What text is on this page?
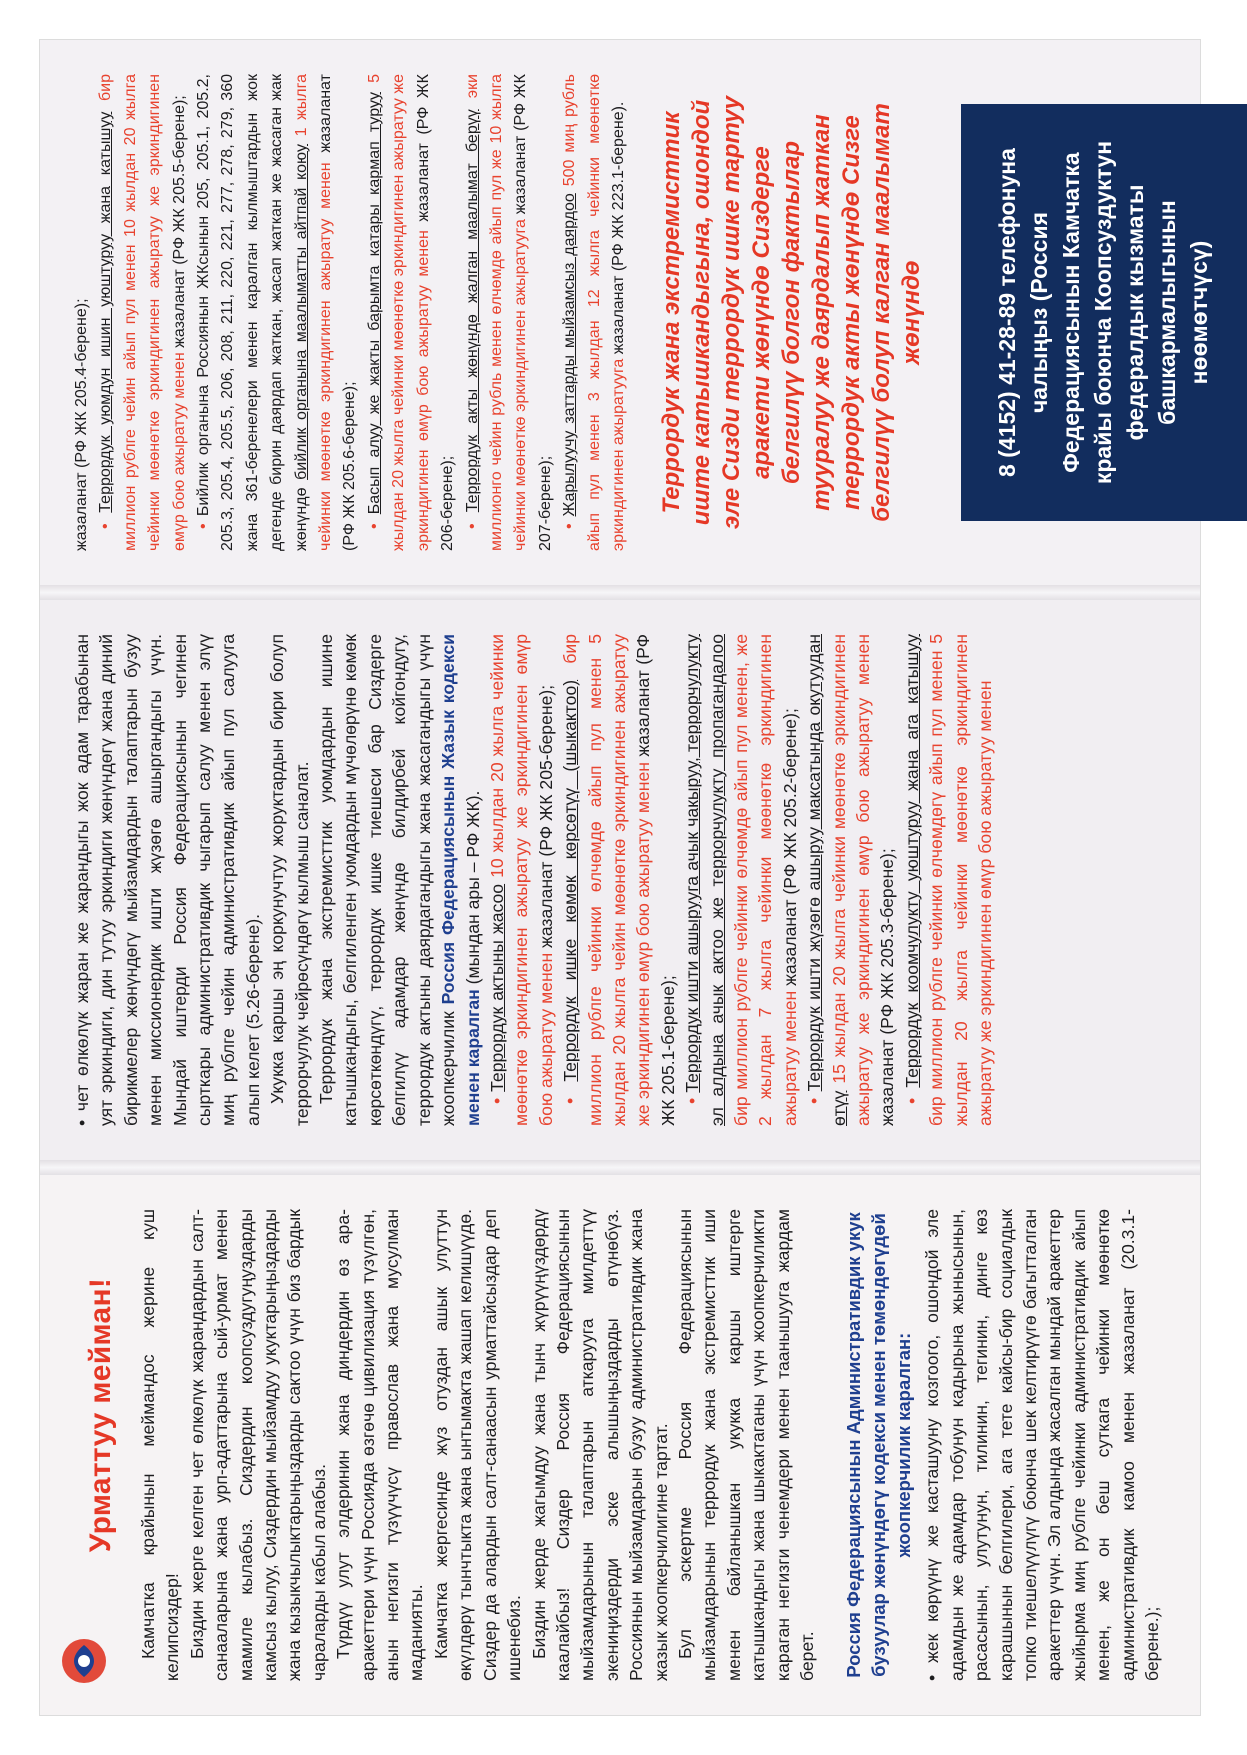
Урматтуу мейман! Камчатка крайынын меймандос жерине куш келипсиздер! Биздин жерге келген чет өлкөлүк жарандардын салт-санааларына жана урп-адаттарына сый-урмат менен мамиле кылабыз. Сиздердин коопсуздугуңуздарды камсыз кылуу, Сиздердин мыйзамдуу укуктарыңыздарды жана кызыкчылыктарыңыздарды сактоо үчүн биз бардык чараларды кабыл алабыз. Түрдүү улут элдеринин жана диндердин өз ара-аракеттери үчүн Россияда өзгөчө цивилизация түзүлгөн, анын негизги түзүүчүсү православ жана мусулман маданияты. Камчатка жергесинде жүз отуздан ашык улуттун өкүлдөрү тынчтыкта жана ынтымакта жашап келишүүдө. Сиздер да алардын салт-санаасын урматтайсыздар деп ишенебиз. Биздин жерде жагымдуу жана тынч жүрүүңүздөрдү каалайбыз! Сиздер Россия Федерациясынын мыйзамдарынын талаптарын аткарууга милдеттүү экениңиздерди эске алышыңыздарды өтүнөбүз. Россиянын мыйзамдарын бузуу административдик жана жазык жоопкерчилигине тартат. Бул эскертме Россия Федерациясынын мыйзамдарынын террордук жана экстремисттик иши менен байланышкан укукка каршы иштерге катышкандыгы жана шыкактаганы үчүн жоопкерчиликти караган негизги ченемдери менен таанышууга жардам берет. Россия Федерациясынын Административдик укук бузуулар жөнүндөгү кодекси менен төмөндөгүдөй жоопкерчилик каралган: • жек көрүүнү же касташууну козгоого, ошондой эле адамдын же адамдар тобунун кадырына жынысынын, расасынын, улутунун, тилинин, тегинин, динге көз карашынын белгилери, ага тете кайсы-бир социалдык топко тиешелүүлүгү боюнча шек келтирүүгө багытталган аракеттер үчүн. Эл алдында жасалган мындай аракеттер жыйырма миң рублге чейинки административдик айып менен, же он беш суткага чейинки мөөнөткө административдик камоо менен жазаланат (20.3.1-берене.);

• чет өлкөлүк жаран же жарандыгы жок адам тарабынан уят эркиндиги, дин тутуу эркиндиги жөнүндөгү жана диний бирикмелер жөнүндөгү мыйзамдардын талаптарын бузуу менен миссионердик ишти жүзөгө ашыргандыгы үчүн. Мындай иштерди Россия Федерациясынын чегинен сырткары административдик чыгарып салуу менен элүү миң рублге чейин административдик айып пул салууга алып келет (5.26-берене). Укукка каршы эң коркунучтуу жоруктардын бири болуп террорчулук чейрөсүндөгү кылмыш саналат. Террордук жана экстремисттик уюмдардын ишине катышкандыгы, белгиленген уюмдардын мүчөлөрүнө көмөк көрсөткөндүгү, террордук ишке тиешеси бар Сиздерге белгилүү адамдар жөнүндө билдирбей койгондугу, террордук актыны даярдагандыгы жана жасагандыгы үчүн жоопкерчилик Россия Федерациясынын Жазык кодекси менен каралган (мындан ары – РФ ЖК).

• Террордук актыны жасоо 10 жылдан 20 жылга чейинки мөөнөткө эркиндигинен ажыратуу же эркиндигинен өмүр бою ажыратуу менен жазаланат (РФ ЖК 205-берене);

• Террордук ишке көмөк көрсөтүү (шыкактоо) бир миллион рублге чейинки өлчөмдө айып пул менен 5 жылдан 20 жылга чейин мөөнөткө эркиндигинен ажыратуу же эркиндигинен өмүр бою ажыратуу менен жазаланат (РФ ЖК 205.1-берене); • Террордук ишти ашырууга ачык чакыруу, террорчулукту эл алдына ачык актоо же террорчулукту пропагандалоо бир миллион рублге чейинки өлчөмдө айып пул менен, же 2 жылдан 7 жылга чейинки мөөнөткө эркиндигинен ажыратуу менен жазаланат (РФ ЖК 205.2-берене);

• Террордук ишти жүзөгө ашыруу максатында окутуудан өтүү 15 жылдан 20 жылга чейинки мөөнөткө эркиндигинен ажыратуу же эркиндигинен өмүр бою ажыратуу менен жазаланат (РФ ЖК 205.3-берене); • Террордук коомчулукту уюштуруу жана ага катышуу бир миллион рублге чейинки өлчөмдөгү айып пул менен 5 жылдан 20 жылга чейинки мөөнөткө эркиндигинен ажыратуу же эркиндигинен өмүр бою ажыратуу менен

жазаланат (РФ ЖК 205.4-берене); • Террордук уюмдун ишин уюштуруу жана катышуу бир миллион рублге чейин айып пул менен 10 жылдан 20 жылга чейинки мөөнөткө эркиндигинен ажыратуу же эркиндигинен өмүр бою ажыратуу менен жазаланат (РФ ЖК 205.5-берене);

• Бийлик органына Россиянын ЖКсынын 205, 205.1, 205.2, 205.3, 205.4, 205.5, 206, 208, 211, 220, 221, 277, 278, 279, 360 жана 361-беренелери менен каралган кылмыштардын жок дегенде бирин даярдап жаткан, жасап жаткан же жасаган жак жөнүндө бийлик органына маалыматты айтпай коюу 1 жылга чейинки мөөнөткө эркиндигинен ажыратуу менен жазаланат (РФ ЖК 205.6-берене); • Басып алуу же жакты барымта катары кармап туруу 5 жылдан 20 жылга чейинки мөөнөткө эркиндигинен ажыратуу же эркиндигинен өмүр бою ажыратуу менен жазаланат (РФ ЖК 206-берене); • Террордук акты жөнүндө жалган маалымат берүү эки миллионго чейин рубль менен өлчөмдө айып пул же 10 жылга чейинки мөөнөткө эркиндигинен ажыратууга жазаланат (РФ ЖК 207-берене); • Жарылуучу заттарды мыйзамсыз даярдоо 500 миң рубль айып пул менен 3 жылдан 12 жылга чейинки мөөнөткө эркиндигинен ажыратууга жазаланат (РФ ЖК 223.1-берене). Террордук жана экстремисттик иште катышкандыгына, ошондой эле Сизди террордук ишке тартуу аракети жөнүндө Сиздерге белгилүү болгон фактылар тууралуу же даярдалып жаткан террордук акты жөнүндө Сизге белгилүү болуп калган маалымат жөнүндө	8 (4152) 41-28-89 телефонуна чалыңыз (Россия Федерациясынын Камчатка крайы боюнча Коопсуздуктун федералдык кызматы башкармалыгынын нөөмөтчүсү)
